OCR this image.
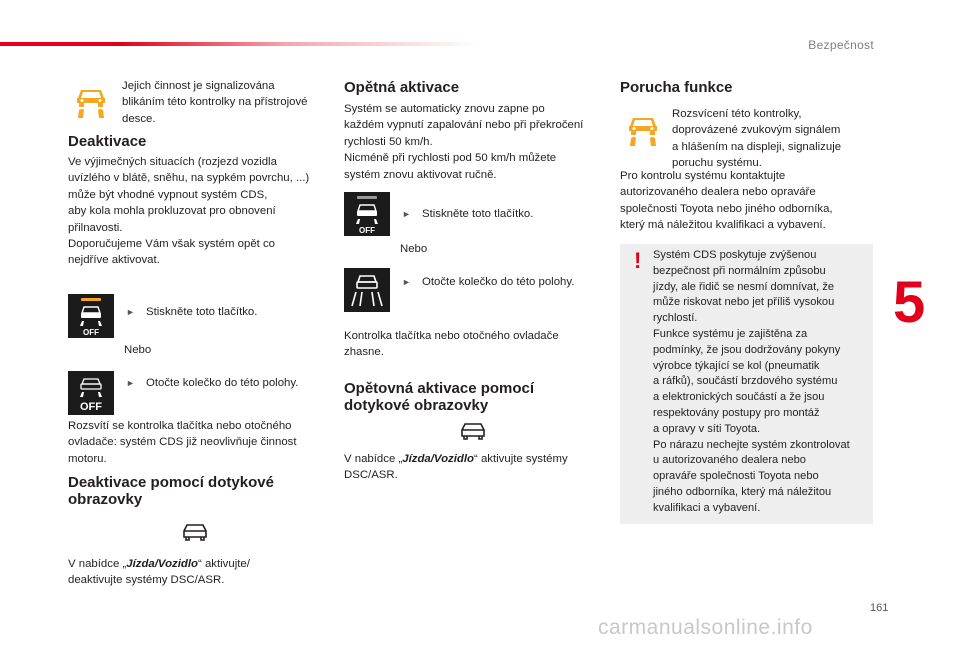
Bezpečnost
5
161
carmanualsonline.info
Jejich činnost je signalizována
blikáním této kontrolky na přístrojové
desce.
Deaktivace
Ve výjimečných situacích (rozjezd vozidla
uvízlého v blátě, sněhu, na sypkém povrchu, ...)
může být vhodné vypnout systém CDS,
aby kola mohla prokluzovat pro obnovení
přilnavosti.
Doporučujeme Vám však systém opět co
nejdříve aktivovat.
OFF
► Stiskněte toto tlačítko.
Nebo
OFF
► Otočte kolečko do této polohy.
Rozsvítí se kontrolka tlačítka nebo otočného
ovladače: systém CDS již neovlivňuje činnost
motoru.
Deaktivace pomocí dotykové
obrazovky
V nabídce „Jízda/Vozidlo“ aktivujte/
deaktivujte systémy DSC/ASR.
Opětná aktivace
Systém se automaticky znovu zapne po
každém vypnutí zapalování nebo při překročení
rychlosti 50 km/h.
Nicméně při rychlosti pod 50 km/h můžete
systém znovu aktivovat ručně.
OFF
► Stiskněte toto tlačítko.
Nebo
► Otočte kolečko do této polohy.
Kontrolka tlačítka nebo otočného ovladače
zhasne.
Opětovná aktivace pomocí
dotykové obrazovky
V nabídce „Jízda/Vozidlo“ aktivujte systémy
DSC/ASR.
Porucha funkce
Rozsvícení této kontrolky,
doprovázené zvukovým signálem
a hlášením na displeji, signalizuje
poruchu systému.
Pro kontrolu systému kontaktujte
autorizovaného dealera nebo opraváře
společnosti Toyota nebo jiného odborníka,
který má náležitou kvalifikaci a vybavení.
! Systém CDS poskytuje zvýšenou
bezpečnost při normálním způsobu
jízdy, ale řidič se nesmí domnívat, že
může riskovat nebo jet příliš vysokou
rychlostí.
Funkce systému je zajištěna za
podmínky, že jsou dodržovány pokyny
výrobce týkající se kol (pneumatik
a ráfků), součástí brzdového systému
a elektronických součástí a že jsou
respektovány postupy pro montáž
a opravy v síti Toyota.
Po nárazu nechejte systém zkontrolovat
u autorizovaného dealera nebo
opraváře společnosti Toyota nebo
jiného odborníka, který má náležitou
kvalifikaci a vybavení.
